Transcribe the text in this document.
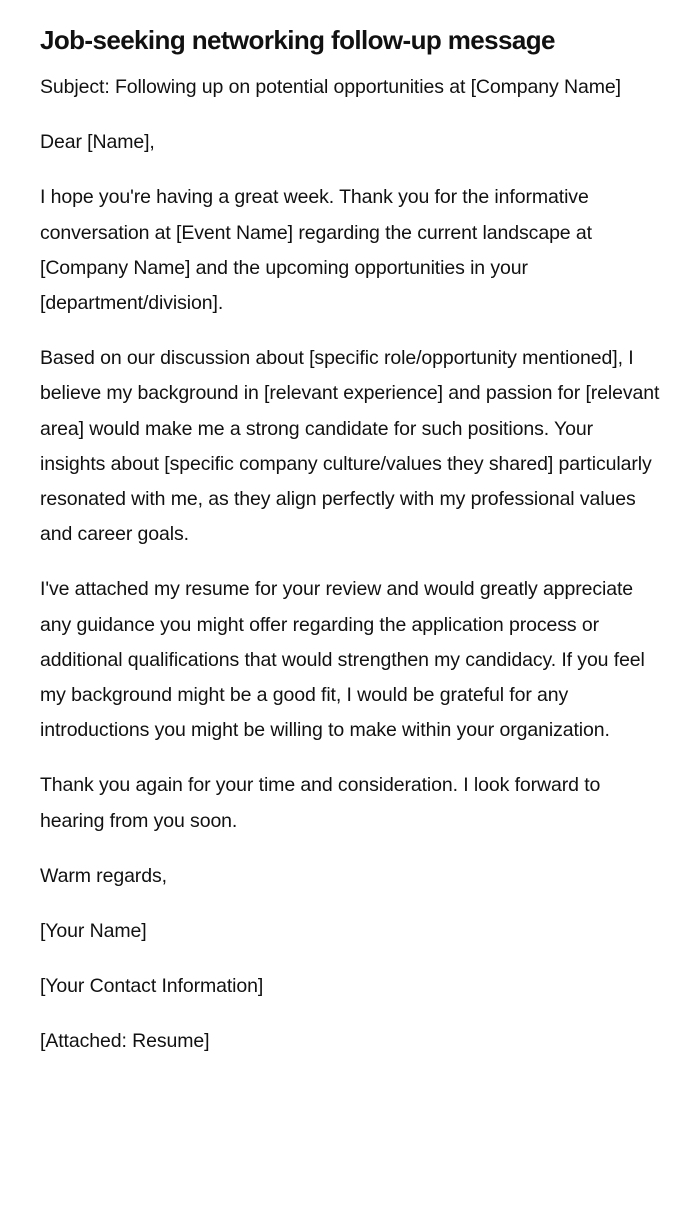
Job-seeking networking follow-up message

Subject: Following up on potential opportunities at [Company Name]

Dear [Name],

I hope you're having a great week. Thank you for the informative conversation at [Event Name] regarding the current landscape at [Company Name] and the upcoming opportunities in your [department/division].

Based on our discussion about [specific role/opportunity mentioned], I believe my background in [relevant experience] and passion for [relevant area] would make me a strong candidate for such positions. Your insights about [specific company culture/values they shared] particularly resonated with me, as they align perfectly with my professional values and career goals.

I've attached my resume for your review and would greatly appreciate any guidance you might offer regarding the application process or additional qualifications that would strengthen my candidacy. If you feel my background might be a good fit, I would be grateful for any introductions you might be willing to make within your organization.

Thank you again for your time and consideration. I look forward to hearing from you soon.

Warm regards,

[Your Name]

[Your Contact Information]

[Attached: Resume]
